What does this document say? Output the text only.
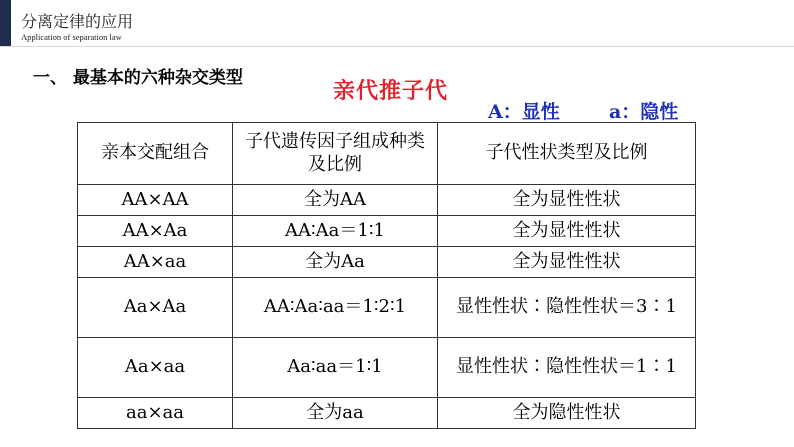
分离定律的应用
Application of separation law
一、 最基本的六种杂交类型	亲代推子代
A：显性	a：隐性
亲本交配组合	子代遗传因子组成种类及比例	子代性状类型及比例
AA×AA	全为AA	全为显性性状
AA×Aa	AA∶Aa＝1∶1	全为显性性状
AA×aa	全为Aa	全为显性性状
Aa×Aa	AA∶Aa∶aa＝1∶2∶1	显性性状∶隐性性状＝3∶1
Aa×aa	Aa∶aa＝1∶1	显性性状∶隐性性状＝1∶1
aa×aa	全为aa	全为隐性性状
